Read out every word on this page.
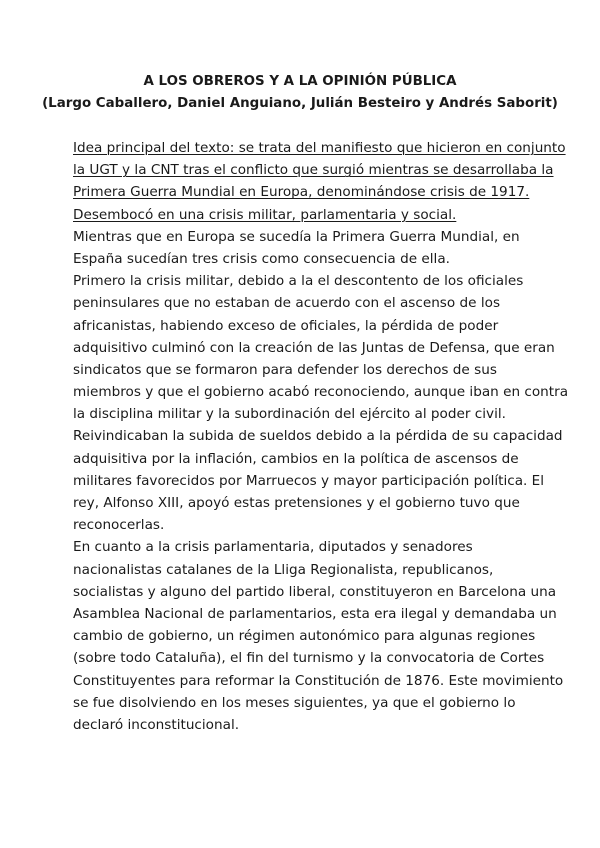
A LOS OBREROS Y A LA OPINIÓN PÚBLICA
(Largo Caballero, Daniel Anguiano, Julián Besteiro y Andrés Saborit)
Idea principal del texto: se trata del manifiesto que hicieron en conjunto
la UGT y la CNT tras el conflicto que surgió mientras se desarrollaba la
Primera Guerra Mundial en Europa, denominándose crisis de 1917.
Desembocó en una crisis militar, parlamentaria y social.
Mientras que en Europa se sucedía la Primera Guerra Mundial, en
España sucedían tres crisis como consecuencia de ella.
Primero la crisis militar, debido a la el descontento de los oficiales
peninsulares que no estaban de acuerdo con el ascenso de los
africanistas, habiendo exceso de oficiales, la pérdida de poder
adquisitivo culminó con la creación de las Juntas de Defensa, que eran
sindicatos que se formaron para defender los derechos de sus
miembros y que el gobierno acabó reconociendo, aunque iban en contra
la disciplina militar y la subordinación del ejército al poder civil.
Reivindicaban la subida de sueldos debido a la pérdida de su capacidad
adquisitiva por la inflación, cambios en la política de ascensos de
militares favorecidos por Marruecos y mayor participación política. El
rey, Alfonso XIII, apoyó estas pretensiones y el gobierno tuvo que
reconocerlas.
En cuanto a la crisis parlamentaria, diputados y senadores
nacionalistas catalanes de la Lliga Regionalista, republicanos,
socialistas y alguno del partido liberal, constituyeron en Barcelona una
Asamblea Nacional de parlamentarios, esta era ilegal y demandaba un
cambio de gobierno, un régimen autonómico para algunas regiones
(sobre todo Cataluña), el fin del turnismo y la convocatoria de Cortes
Constituyentes para reformar la Constitución de 1876. Este movimiento
se fue disolviendo en los meses siguientes, ya que el gobierno lo
declaró inconstitucional.
